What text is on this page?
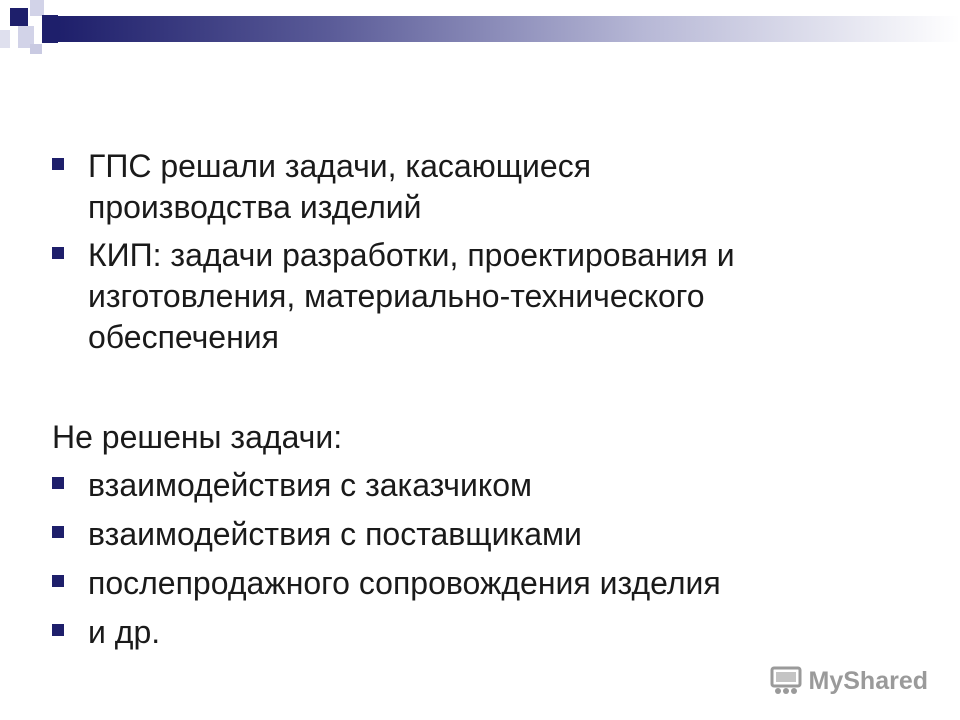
ГПС решали задачи, касающиеся
производства изделий
КИП: задачи разработки, проектирования и
изготовления, материально-технического
обеспечения
Не решены задачи:
взаимодействия с заказчиком
взаимодействия с поставщиками
послепродажного сопровождения изделия
и др.
MyShared
